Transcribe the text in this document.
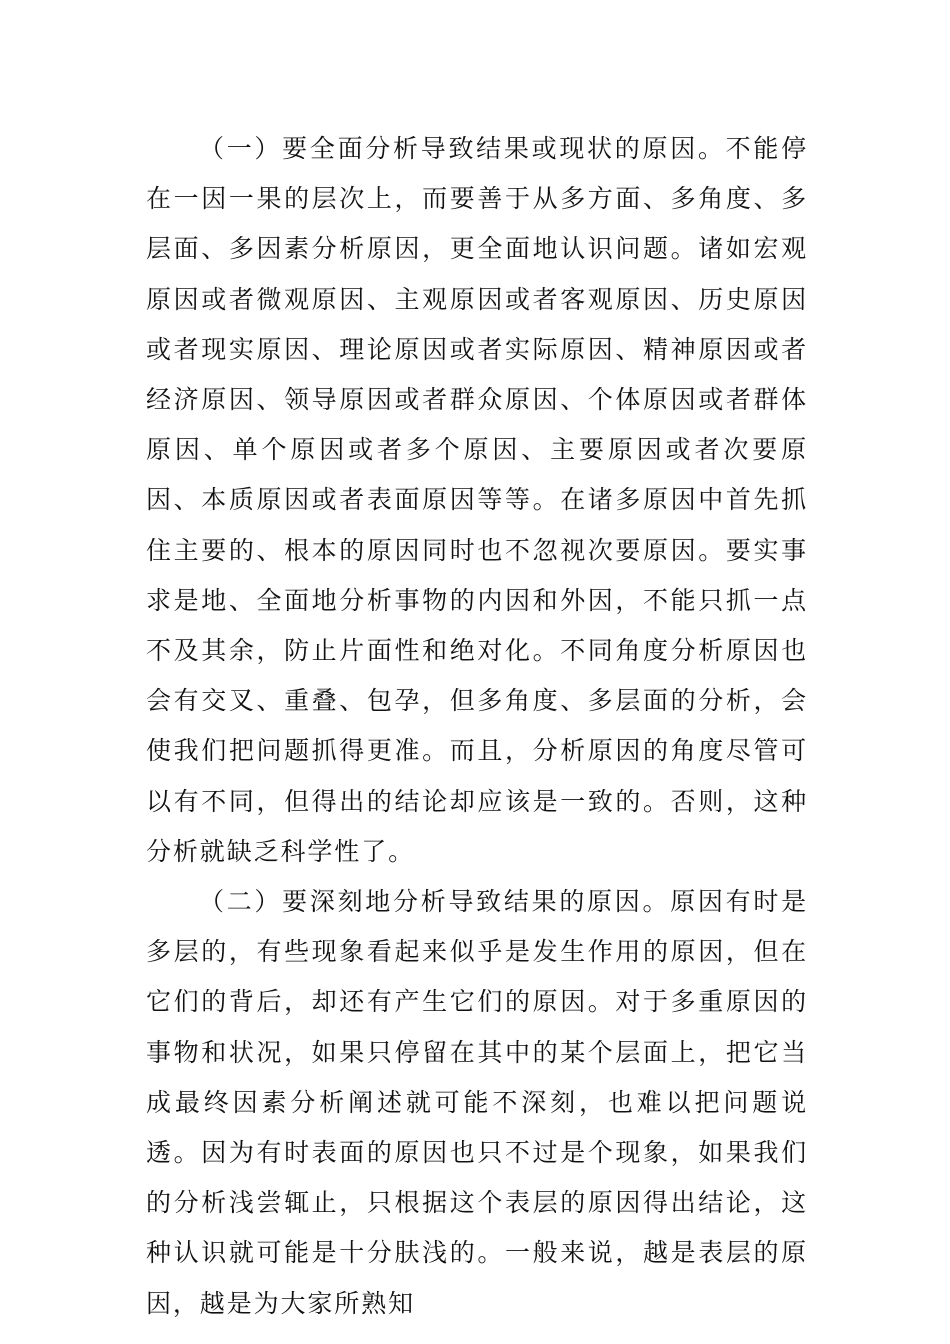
（一）要全面分析导致结果或现状的原因。不能停在一因一果的层次上，而要善于从多方面、多角度、多层面、多因素分析原因，更全面地认识问题。诸如宏观原因或者微观原因、主观原因或者客观原因、历史原因或者现实原因、理论原因或者实际原因、精神原因或者经济原因、领导原因或者群众原因、个体原因或者群体原因、单个原因或者多个原因、主要原因或者次要原因、本质原因或者表面原因等等。在诸多原因中首先抓住主要的、根本的原因同时也不忽视次要原因。要实事求是地、全面地分析事物的内因和外因，不能只抓一点不及其余，防止片面性和绝对化。不同角度分析原因也会有交叉、重叠、包孕，但多角度、多层面的分析，会使我们把问题抓得更准。而且，分析原因的角度尽管可以有不同，但得出的结论却应该是一致的。否则，这种分析就缺乏科学性了。

（二）要深刻地分析导致结果的原因。原因有时是多层的，有些现象看起来似乎是发生作用的原因，但在它们的背后，却还有产生它们的原因。对于多重原因的事物和状况，如果只停留在其中的某个层面上，把它当成最终因素分析阐述就可能不深刻，也难以把问题说透。因为有时表面的原因也只不过是个现象，如果我们的分析浅尝辄止，只根据这个表层的原因得出结论，这种认识就可能是十分肤浅的。一般来说，越是表层的原因，越是为大家所熟知
